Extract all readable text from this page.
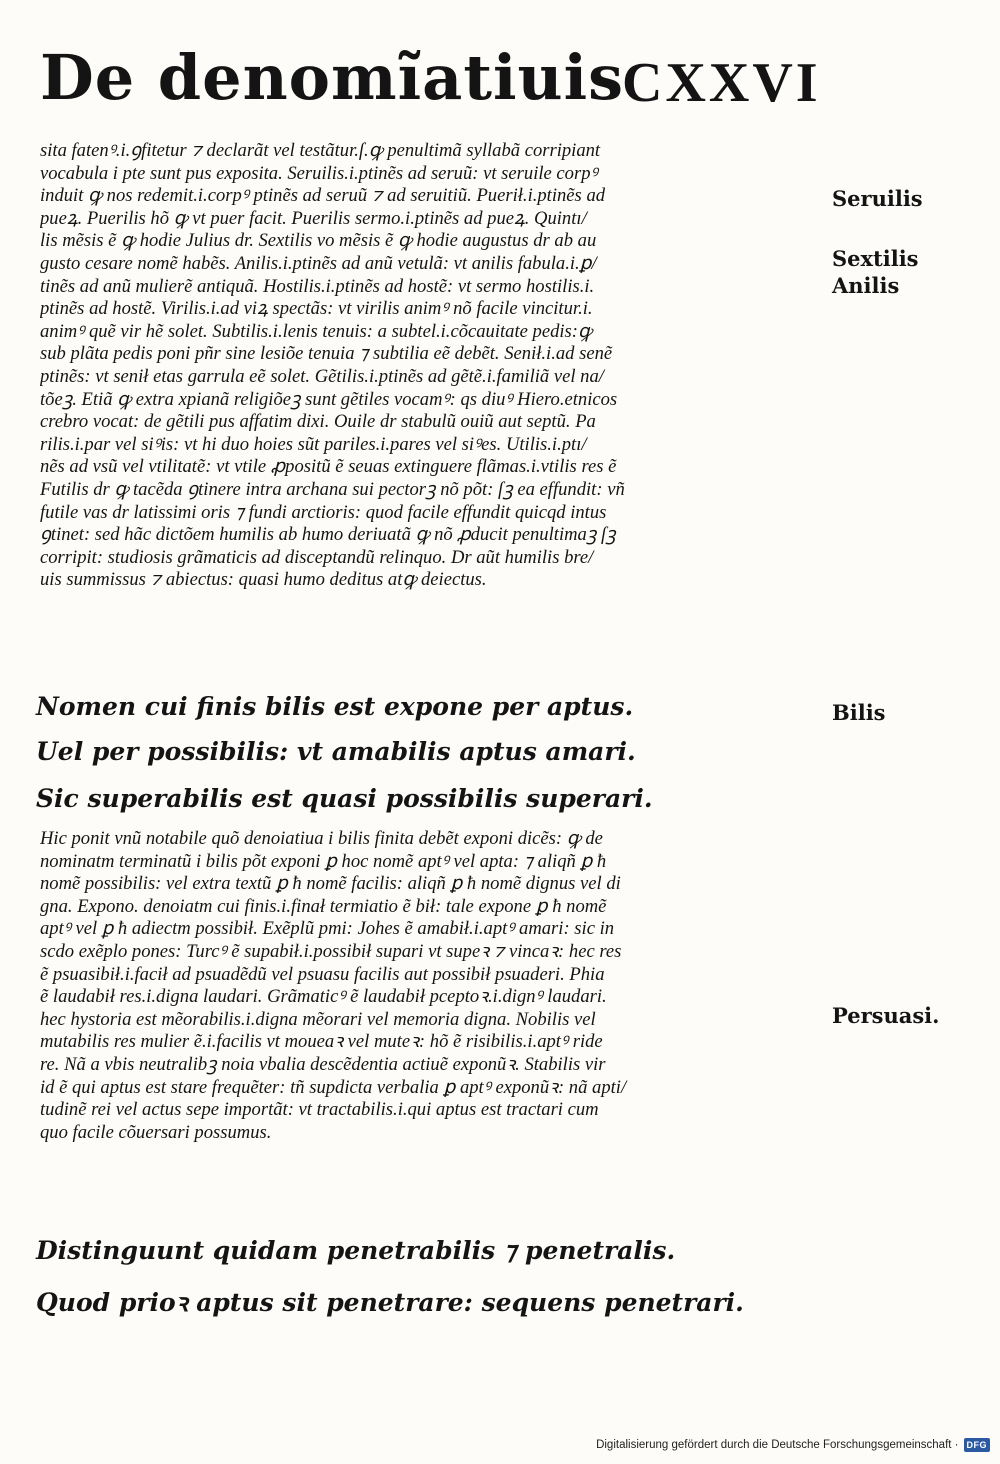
De denomĩatiuis
CXXVI
sita fatenꝰ.i.ꝯfitetur ⁊ declarãt vel testãtur.ſ.ꝙ penultimã syllabã corripiant
vocabula i pte sunt pus exposita. Seruilis.i.ptinẽs ad seruũ: vt seruile corpꝰ
induit ꝙ nos redemit.i.corpꝰ ptinẽs ad seruũ ⁊ ad seruitiũ. Puerił.i.ptinẽs ad
pueꝝ. Puerilis hõ ꝙ vt puer facit. Puerilis sermo.i.ptinẽs ad pueꝝ. Quintı/
lis mẽsis ẽ ꝙ hodie Julius dr. Sextilis vo mẽsis ẽ ꝙ hodie augustus dr ab au
gusto cesare nomẽ habẽs. Anilis.i.ptinẽs ad anũ vetulã: vt anilis fabula.i.ꝑ/
tinẽs ad anũ mulierẽ antiquã. Hostilis.i.ptinẽs ad hostẽ: vt sermo hostilis.i.
ptinẽs ad hostẽ. Virilis.i.ad viꝝ spectãs: vt virilis animꝰ nõ facile vincitur.i.
animꝰ quẽ vir hẽ solet. Subtilis.i.lenis tenuis: a subtel.i.cõcauitate pedis:ꝙ
sub plãta pedis poni pñr sine lesiõe tenuia ⁊ subtilia eẽ debẽt. Senił.i.ad senẽ
ptinẽs: vt senił etas garrula eẽ solet. Gẽtilis.i.ptinẽs ad gẽtẽ.i.familiã vel na/
tõeꝫ. Etiã ꝙ extra xpianã religiõeꝫ sunt gẽtiles vocamꝰ: qs diuꝰ Hiero.etnicos
crebro vocat: de gẽtili pus affatim dixi. Ouile dr stabulũ ouiũ aut septũ. Pa
rilis.i.par vel siꝰis: vt hi duo hoies sũt pariles.i.pares vel siꝰes. Utilis.i.ptı/
nẽs ad vsũ vel vtilitatẽ: vt vtile ꝓpositũ ẽ seuas extinguere flãmas.i.vtilis res ẽ
Futilis dr ꝙ tacẽda ꝯtinere intra archana sui pectorꝫ nõ põt: ſꝫ ea effundit: vñ
futile vas dr latissimi oris ⁊ fundi arctioris: quod facile effundit quicqd intus
ꝯtinet: sed hãc dictõem humilis ab humo deriuatã ꝙ nõ ꝓducit penultimaꝫ ſꝫ
corripit: studiosis grãmaticis ad disceptandũ relinquo. Dr aũt humilis bre/
uis summissus ⁊ abiectus: quasi humo deditus atꝙ deiectus.
Nomen cui finis bilis est expone per aptus.
Uel per possibilis: vt amabilis aptus amari.
Sic superabilis est quasi possibilis superari.
Hic ponit vnũ notabile quõ denoiatiua i bilis finita debẽt exponi dicẽs: ꝙ de
nominatm terminatũ i bilis põt exponi ꝑ hoc nomẽ aptꝰ vel apta: ⁊ aliqñ ꝑ ħ
nomẽ possibilis: vel extra textũ ꝑ ħ nomẽ facilis: aliqñ ꝑ ħ nomẽ dignus vel di
gna. Expono. denoiatm cui finis.i.finał termiatio ẽ bił: tale expone ꝑ ħ nomẽ
aptꝰ vel ꝑ ħ adiectm possibił. Exẽplũ pmi: Johes ẽ amabił.i.aptꝰ amari: sic in
scdo exẽplo pones: Turcꝰ ẽ supabił.i.possibił supari vt supeꝛ ⁊ vincaꝛ: hec res
ẽ psuasibił.i.facił ad psuadẽdũ vel psuasu facilis aut possibił psuaderi. Phia
ẽ laudabił res.i.digna laudari. Grãmaticꝰ ẽ laudabił pceptoꝛ.i.dignꝰ laudari.
hec hystoria est mẽorabilis.i.digna mẽorari vel memoria digna. Nobilis vel
mutabilis res mulier ẽ.i.facilis vt moueaꝛ vel muteꝛ: hõ ẽ risibilis.i.aptꝰ ride
re. Nã a vbis neutralibꝫ noia vbalia descẽdentia actiuẽ exponũꝛ. Stabilis vir
id ẽ qui aptus est stare frequẽter: tñ supdicta verbalia ꝑ aptꝰ exponũꝛ: nã apti/
tudinẽ rei vel actus sepe importãt: vt tractabilis.i.qui aptus est tractari cum
quo facile cõuersari possumus.
Distinguunt quidam penetrabilis ⁊ penetralis.
Quod prioꝛ aptus sit penetrare: sequens penetrari.
Seruilis
Sextilis
Anilis
Bilis
Persuasi.
Digitalisierung gefördert durch die Deutsche Forschungsgemeinschaft · DFG
